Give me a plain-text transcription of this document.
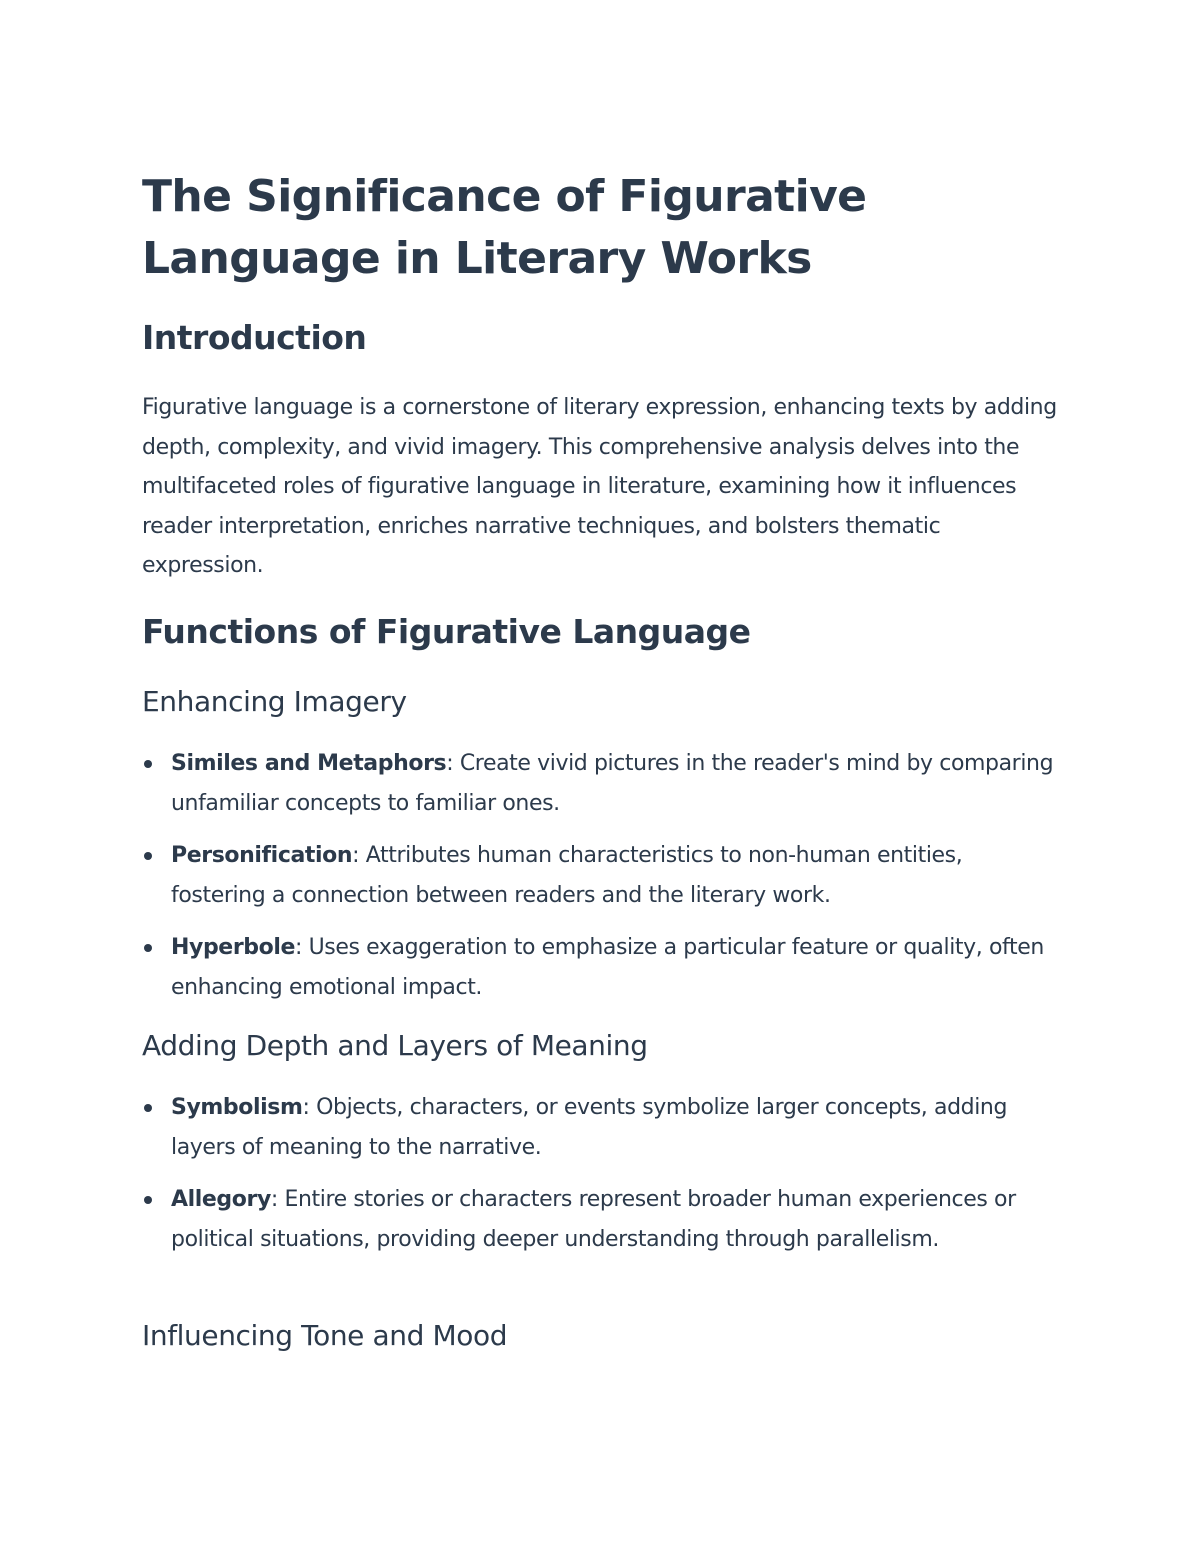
The Significance of Figurative Language in Literary Works
Introduction

Figurative language is a cornerstone of literary expression, enhancing texts by adding depth, complexity, and vivid imagery. This comprehensive analysis delves into the multifaceted roles of figurative language in literature, examining how it influences reader interpretation, enriches narrative techniques, and bolsters thematic expression.

Functions of Figurative Language
Enhancing Imagery
Similes and Metaphors: Create vivid pictures in the reader's mind by comparing unfamiliar concepts to familiar ones.
Personification: Attributes human characteristics to non-human entities, fostering a connection between readers and the literary work.
Hyperbole: Uses exaggeration to emphasize a particular feature or quality, often enhancing emotional impact.
Adding Depth and Layers of Meaning
Symbolism: Objects, characters, or events symbolize larger concepts, adding layers of meaning to the narrative.
Allegory: Entire stories or characters represent broader human experiences or political situations, providing deeper understanding through parallelism.
Influencing Tone and Mood
